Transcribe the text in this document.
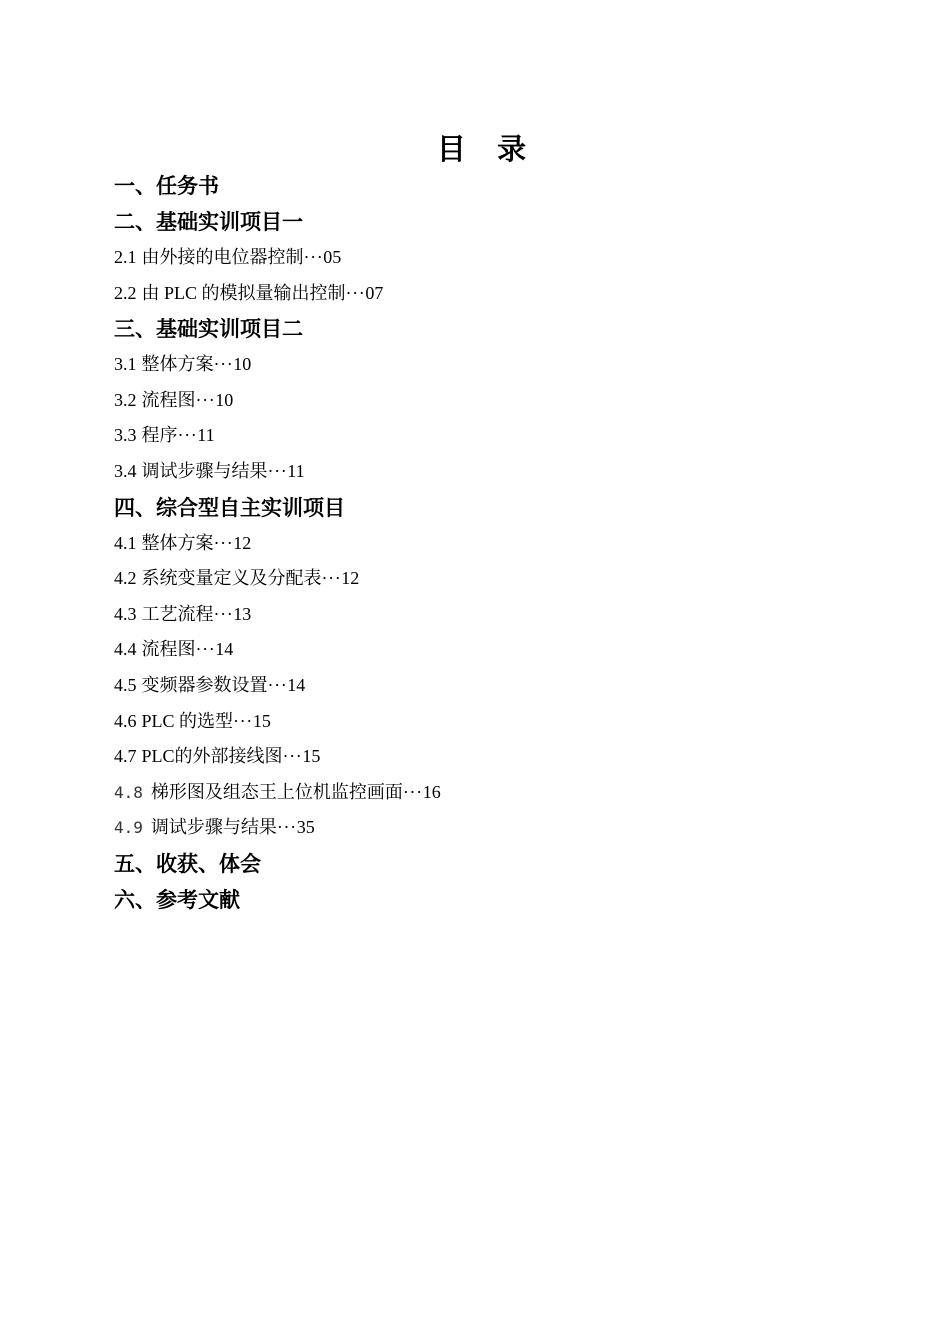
目 录
一、任务书
二、基础实训项目一
2.1 由外接的电位器控制···05
2.2 由 PLC 的模拟量输出控制···07
三、基础实训项目二
3.1 整体方案···10
3.2 流程图···10
3.3 程序···11
3.4 调试步骤与结果···11
四、综合型自主实训项目
4.1 整体方案···12
4.2 系统变量定义及分配表···12
4.3 工艺流程···13
4.4 流程图···14
4.5 变频器参数设置···14
4.6 PLC 的选型···15
4.7 PLC的外部接线图···15
4.8 梯形图及组态王上位机监控画面···16
4.9 调试步骤与结果···35
五、收获、体会
六、参考文献
